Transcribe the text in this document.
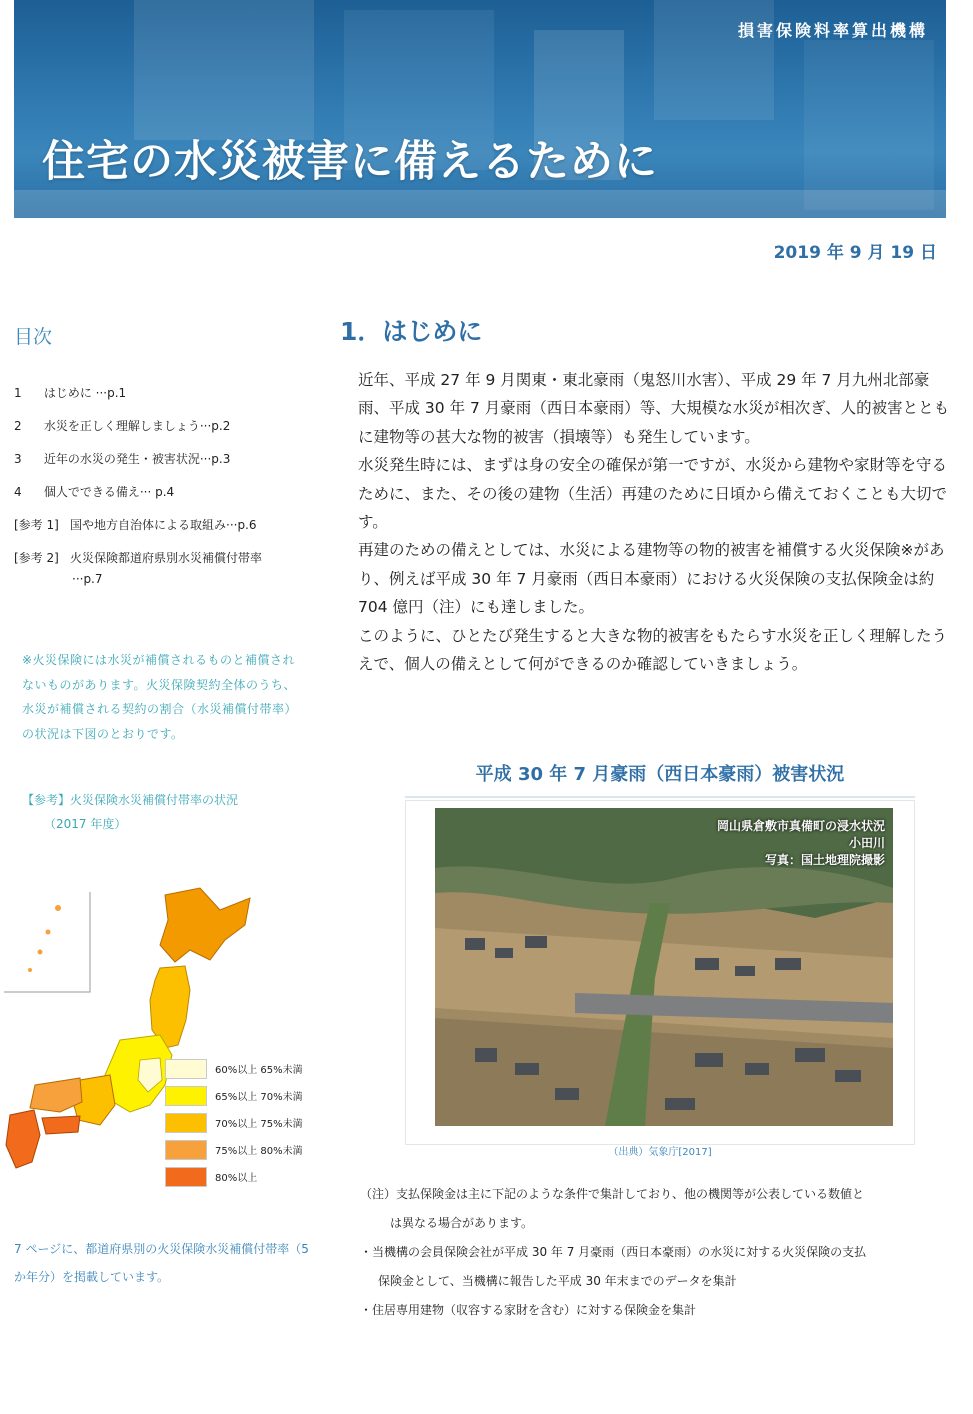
損害保険料率算出機構
住宅の水災被害に備えるために
2019 年 9 月 19 日
目次
1 はじめに ···p.1
2 水災を正しく理解しましょう···p.2
3 近年の水災の発生・被害状況···p.3
4 個人でできる備え··· p.4
[参考 1] 国や地方自治体による取組み···p.6
[参考 2] 火災保険都道府県別水災補償付帯率
···p.7
※火災保険には水災が補償されるものと補償されないものがあります。火災保険契約全体のうち、水災が補償される契約の割合（水災補償付帯率）の状況は下図のとおりです。
【参考】火災保険水災補償付帯率の状況
（2017 年度）
60%以上 65%未満
65%以上 70%未満
70%以上 75%未満
75%以上 80%未満
80%以上
7 ページに、都道府県別の火災保険水災補償付帯率（5 か年分）を掲載しています。
1．はじめに

近年、平成 27 年 9 月関東・東北豪雨（鬼怒川水害）、平成 29 年 7 月九州北部豪雨、平成 30 年 7 月豪雨（西日本豪雨）等、大規模な水災が相次ぎ、人的被害とともに建物等の甚大な物的被害（損壊等）も発生しています。

水災発生時には、まずは身の安全の確保が第一ですが、水災から建物や家財等を守るために、また、その後の建物（生活）再建のために日頃から備えておくことも大切です。

再建のための備えとしては、水災による建物等の物的被害を補償する火災保険※があり、例えば平成 30 年 7 月豪雨（西日本豪雨）における火災保険の支払保険金は約 704 億円（注）にも達しました。

このように、ひとたび発生すると大きな物的被害をもたらす水災を正しく理解したうえで、個人の備えとして何ができるのか確認していきましょう。

平成 30 年 7 月豪雨（西日本豪雨）被害状況
岡山県倉敷市真備町の浸水状況
小田川
写真：国土地理院撮影
（出典）気象庁[2017]
（注）支払保険金は主に下記のような条件で集計しており、他の機関等が公表している数値と
は異なる場合があります。
・当機構の会員保険会社が平成 30 年 7 月豪雨（西日本豪雨）の水災に対する火災保険の支払
保険金として、当機構に報告した平成 30 年末までのデータを集計
・住居専用建物（収容する家財を含む）に対する保険金を集計
